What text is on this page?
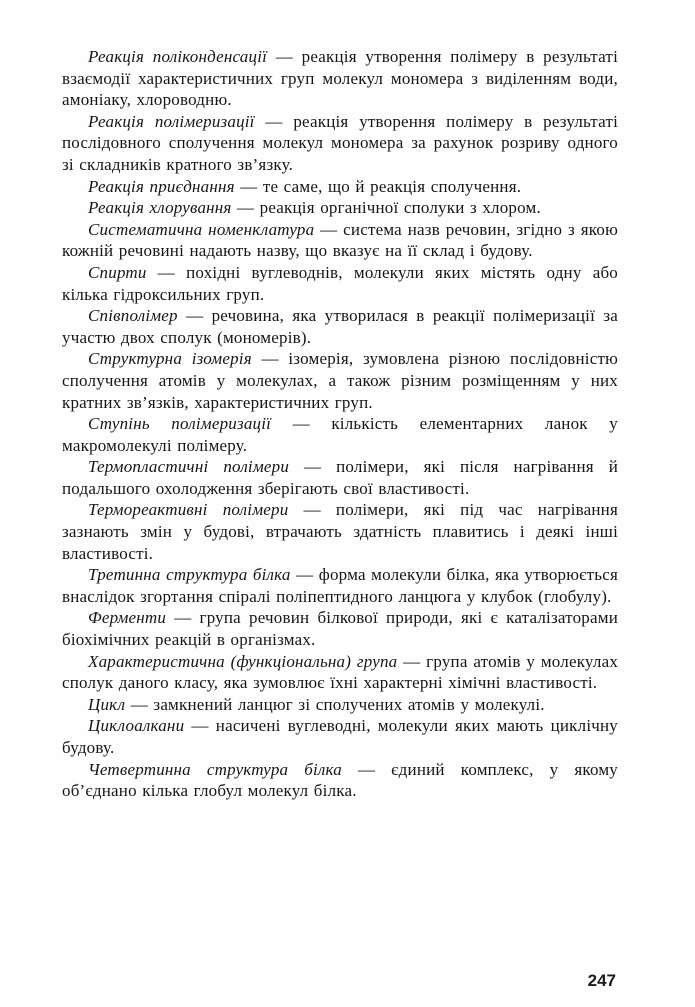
Реакція поліконденсації — реакція утворення полімеру в результаті взаємодії характеристичних груп молекул мономера з виділенням води, амоніаку, хлороводню.

Реакція полімеризації — реакція утворення полімеру в результаті послідовного сполучення молекул мономера за рахунок розриву одного зі складників кратного зв’язку.

Реакція приєднання — те саме, що й реакція сполучення.

Реакція хлорування — реакція органічної сполуки з хлором.

Систематична номенклатура — система назв речовин, згідно з якою кожній речовині надають назву, що вказує на її склад і будову.

Спирти — похідні вуглеводнів, молекули яких містять одну або кілька гідроксильних груп.

Співполімер — речовина, яка утворилася в реакції полімеризації за участю двох сполук (мономерів).

Структурна ізомерія — ізомерія, зумовлена різною послідовністю сполучення атомів у молекулах, а також різним розміщенням у них кратних зв’язків, характеристичних груп.

Ступінь полімеризації — кількість елементарних ланок у макромолекулі полімеру.

Термопластичні полімери — полімери, які після нагрівання й подальшого охолодження зберігають свої властивості.

Термореактивні полімери — полімери, які під час нагрівання зазнають змін у будові, втрачають здатність плавитись і деякі інші властивості.

Третинна структура білка — форма молекули білка, яка утворюється внаслідок згортання спіралі поліпептидного ланцюга у клубок (глобулу).

Ферменти — група речовин білкової природи, які є каталізаторами біохімічних реакцій в організмах.

Характеристична (функціональна) група — група атомів у молекулах сполук даного класу, яка зумовлює їхні характерні хімічні властивості.

Цикл — замкнений ланцюг зі сполучених атомів у молекулі.

Циклоалкани — насичені вуглеводні, молекули яких мають циклічну будову.

Четвертинна структура білка — єдиний комплекс, у якому об’єднано кілька глобул молекул білка.

247
